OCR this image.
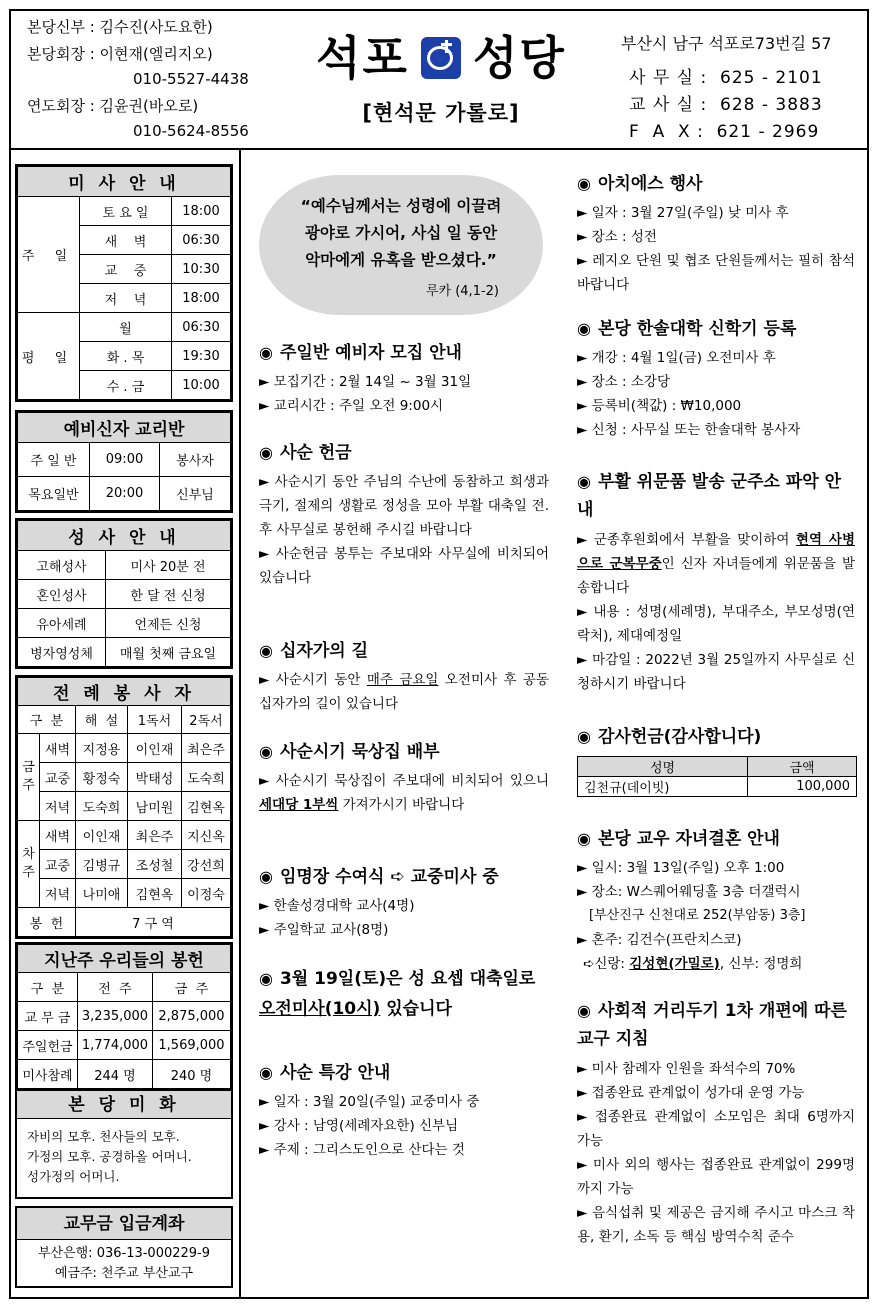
본당신부 : 김수진(사도요한)
본당회장 : 이현재(엘리지오)
010-5527-4438
연도회장 : 김윤권(바오로)
010-5624-8556
석포 성당
[현석문 가롤로]
부산시 남구 석포로73번길 57
사 무 실 :  625 - 2101
교 사 실 :  628 - 3883
F  A  X :  621 - 2969
미 사 안 내		
주 일	토 요 일	18:00
	새    벽	06:30
	교    중	10:30
	저    녁	18:00
평 일	월	06:30
	화 . 목	19:30
	수 . 금	10:00
예비신자 교리반		
주 일 반	09:00	봉사자
목요일반	20:00	신부님
성 사 안 내	
고해성사	미사 20분 전
혼인성사	한 달 전 신청
유아세례	언제든 신청
병자영성체	매월 첫째 금요일
전 례 봉 사 자				
구  분		해  설	1독서	2독서
금주	새벽	지정용	이인재	최은주
	교중	황정숙	박태성	도숙희
	저녁	도숙희	남미원	김현옥
차주	새벽	이인재	최은주	지신옥
	교중	김병규	조성철	강선희
	저녁	나미애	김현옥	이정숙
봉  헌		7 구 역		
지난주 우리들의 봉헌		
구  분	전  주	금  주
교 무 금	3,235,000	2,875,000
주일헌금	1,774,000	1,569,000
미사참례	244 명	240 명
본 당 미 화
자비의 모후. 천사들의 모후.
가정의 모후. 공경하올 어머니.
성가정의 어머니.
교무금 입금계좌
부산은행: 036-13-000229-9
예금주: 천주교 부산교구
“예수님께서는 성령에 이끌려
광야로 가시어, 사십 일 동안
악마에게 유혹을 받으셨다.”
루카 (4,1-2)
◉ 주일반 예비자 모집 안내
► 모집기간 : 2월 14일 ~ 3월 31일
► 교리시간 : 주일 오전 9:00시
◉ 사순 헌금
► 사순시기 동안 주님의 수난에 동참하고 희생과 극기, 절제의 생활로 정성을 모아 부활 대축일 전.후 사무실로 봉헌해 주시길 바랍니다
► 사순헌금 봉투는 주보대와 사무실에 비치되어 있습니다
◉ 십자가의 길
► 사순시기 동안 매주 금요일 오전미사 후 공동 십자가의 길이 있습니다
◉ 사순시기 묵상집 배부
► 사순시기 묵상집이 주보대에 비치되어 있으니 세대당 1부씩 가져가시기 바랍니다
◉ 임명장 수여식 ➪ 교중미사 중
► 한솔성경대학 교사(4명)
► 주일학교 교사(8명)
◉ 3월 19일(토)은 성 요셉 대축일로 오전미사(10시) 있습니다
◉ 사순 특강 안내
► 일자 : 3월 20일(주일) 교중미사 중
► 강사 : 남영(세례자요한) 신부님
► 주제 : 그리스도인으로 산다는 것
◉ 아치에스 행사
► 일자 : 3월 27일(주일) 낮 미사 후
► 장소 : 성전
► 레지오 단원 및 협조 단원들께서는 필히 참석바랍니다
◉ 본당 한솔대학 신학기 등록
► 개강 : 4월 1일(금) 오전미사 후
► 장소 : 소강당
► 등록비(책값) : ₩10,000
► 신청 : 사무실 또는 한솔대학 봉사자
◉ 부활 위문품 발송 군주소 파악 안내
► 군종후원회에서 부활을 맞이하여 현역 사병으로 군복무중인 신자 자녀들에게 위문품을 발송합니다
► 내용 : 성명(세례명), 부대주소, 부모성명(연락처), 제대예정일
► 마감일 : 2022년 3월 25일까지 사무실로 신청하시기 바랍니다
◉ 감사헌금(감사합니다)
성명	금액
김천규(데이빗)	100,000
◉ 본당 교우 자녀결혼 안내
► 일시: 3월 13일(주일) 오후 1:00
► 장소: W스퀘어웨딩홀 3층 더갤럭시
[부산진구 신천대로 252(부암동) 3층]
► 혼주: 김건수(프란치스코)
➪신랑: 김성현(가밀로), 신부: 정명희
◉ 사회적 거리두기 1차 개편에 따른 교구 지침
► 미사 참례자 인원을 좌석수의 70%
► 접종완료 관계없이 성가대 운영 가능
► 접종완료 관계없이 소모임은 최대 6명까지 가능
► 미사 외의 행사는 접종완료 관계없이 299명까지 가능
► 음식섭취 및 제공은 금지해 주시고 마스크 착용, 환기, 소독 등 핵심 방역수칙 준수
